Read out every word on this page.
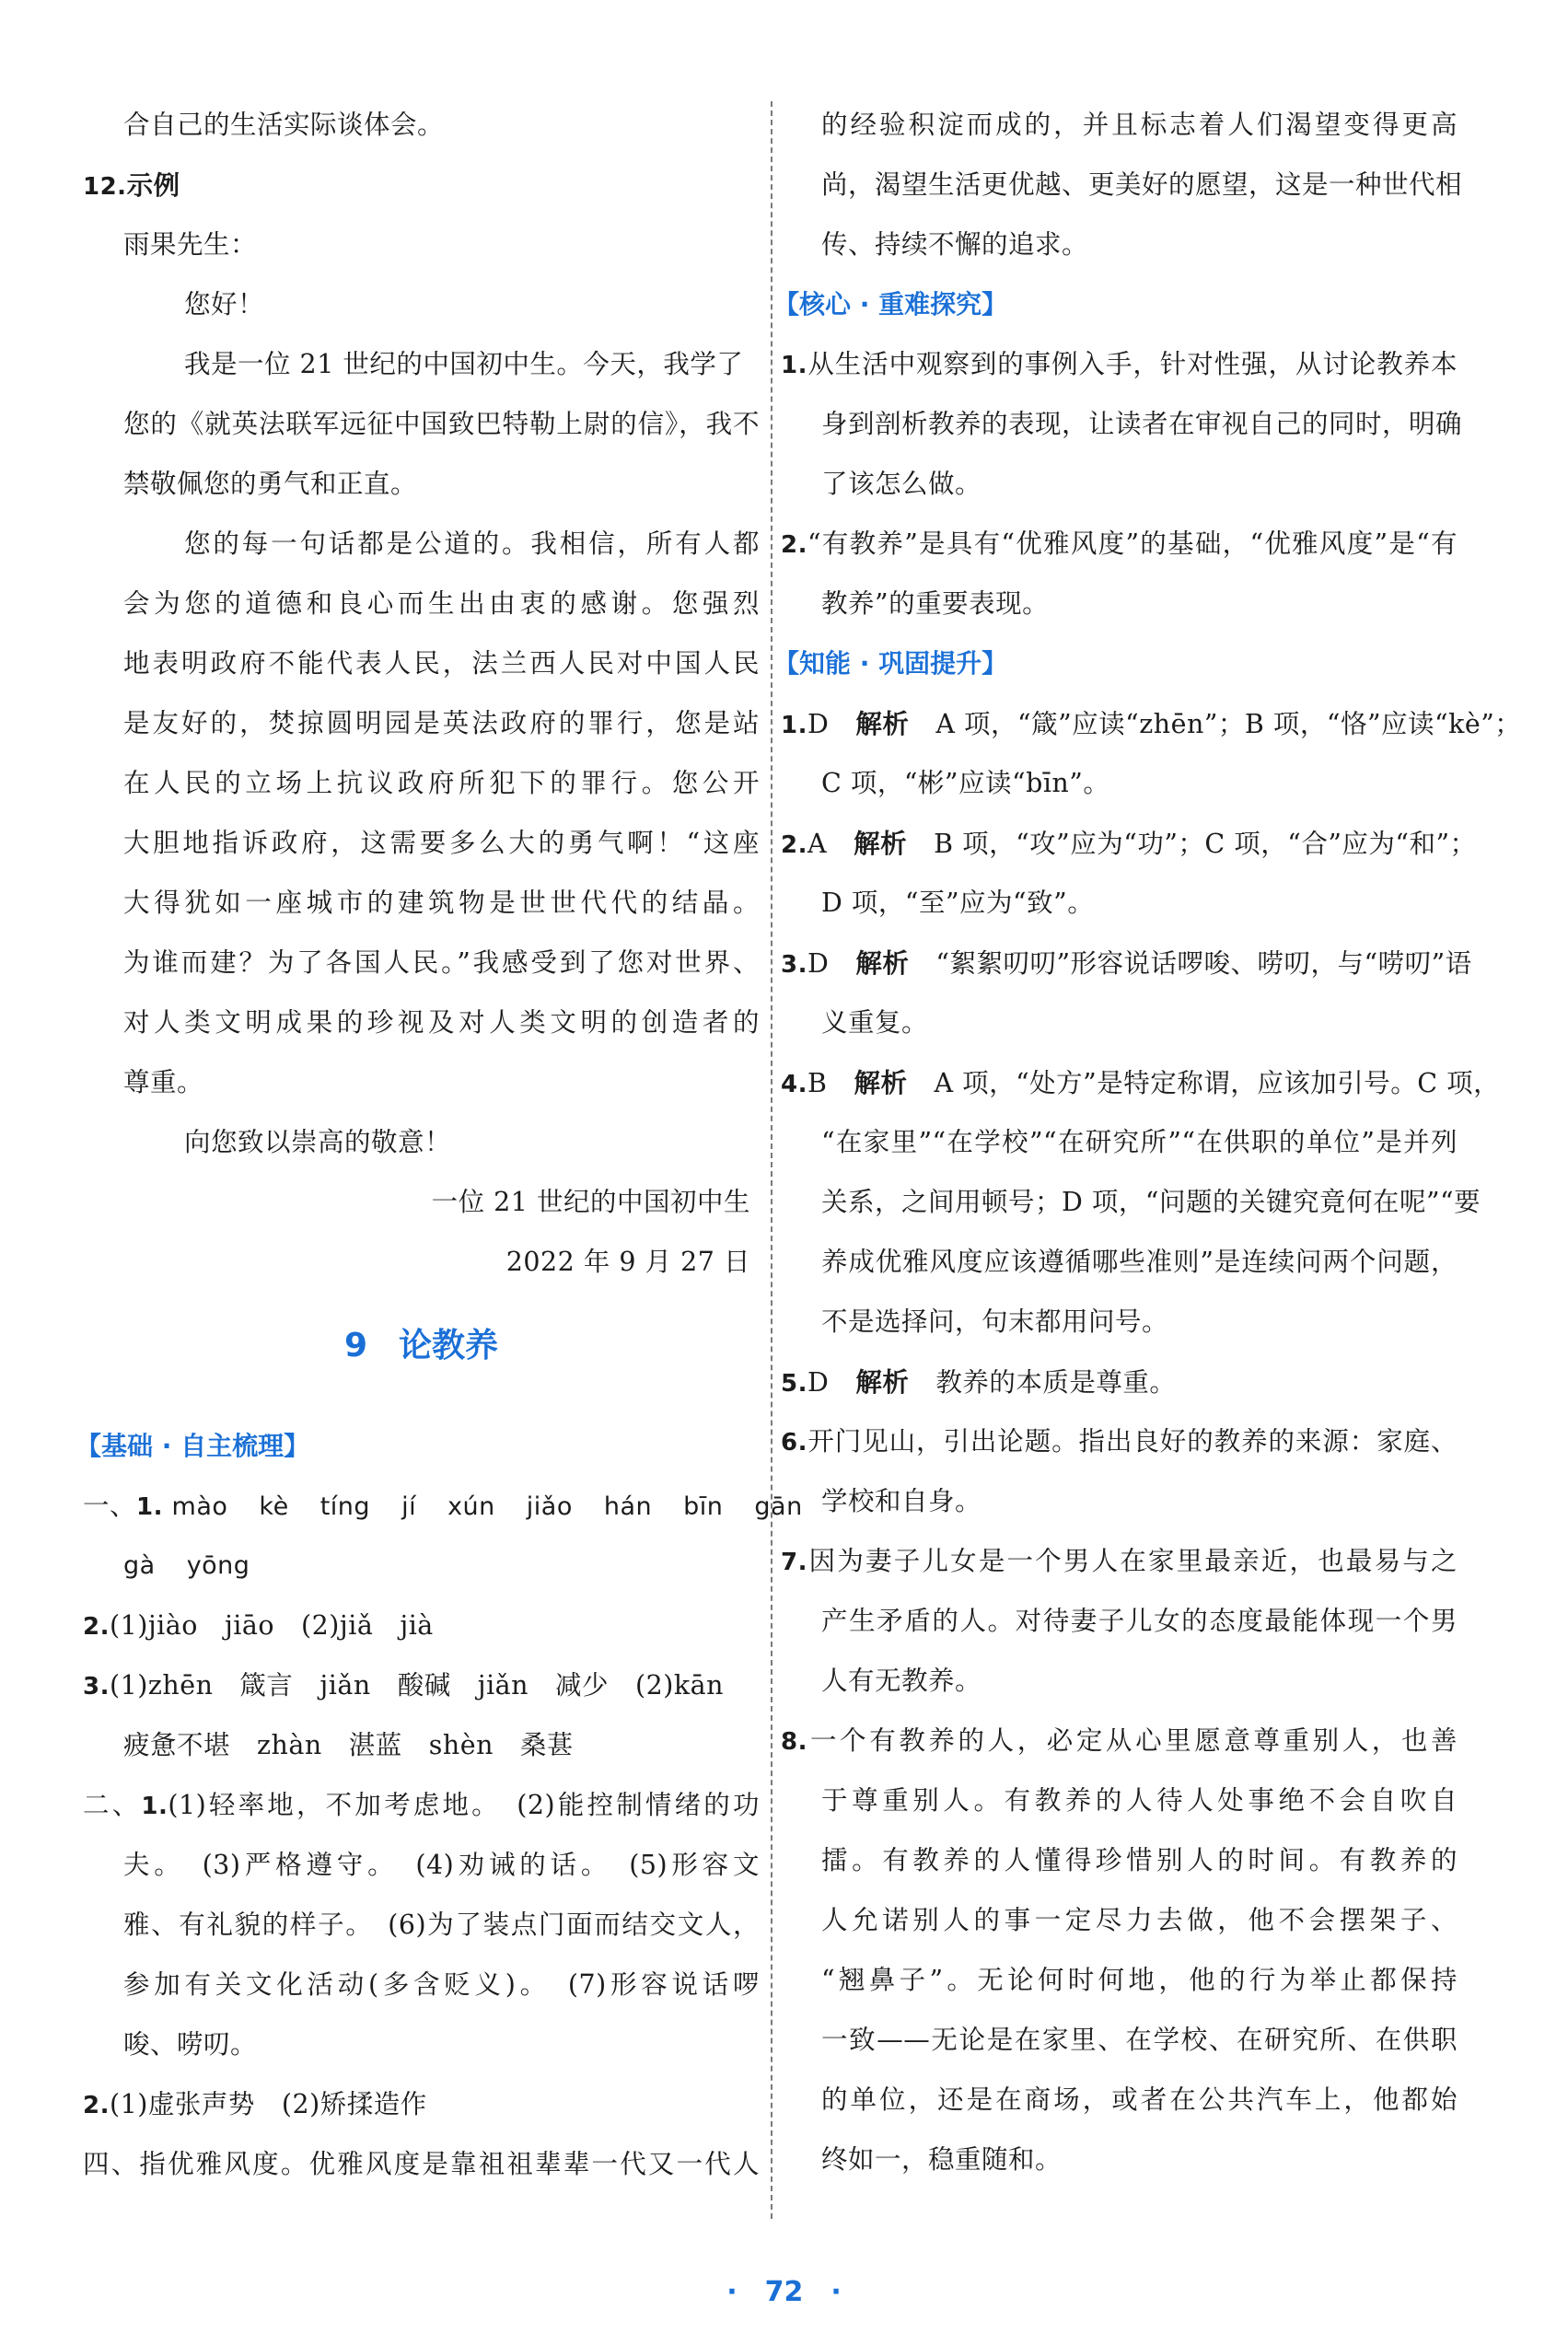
合自己的生活实际谈体会。
12.示例
雨果先生：
您好！
我是一位 21 世纪的中国初中生。今天，我学了
您的《就英法联军远征中国致巴特勒上尉的信》，我不
禁敬佩您的勇气和正直。
您的每一句话都是公道的。我相信，所有人都
会为您的道德和良心而生出由衷的感谢。您强烈
地表明政府不能代表人民，法兰西人民对中国人民
是友好的，焚掠圆明园是英法政府的罪行，您是站
在人民的立场上抗议政府所犯下的罪行。您公开
大胆地指诉政府，这需要多么大的勇气啊！“这座
大得犹如一座城市的建筑物是世世代代的结晶。
为谁而建？为了各国人民。”我感受到了您对世界、
对人类文明成果的珍视及对人类文明的创造者的
尊重。
向您致以崇高的敬意！
一位 21 世纪的中国初中生
2022 年 9 月 27 日
9 论教养
【基础 · 自主梳理】
一、1. mào kè tíng jí xún jiǎo hán bīn gān
gà yōng
2.(1)jiào　jiāo　(2)jiǎ　jià
3.(1)zhēn　箴言　jiǎn　酸碱　jiǎn　减少　(2)kān
疲惫不堪　zhàn　湛蓝　shèn　桑葚
二、1.(1)轻率地，不加考虑地。　(2)能控制情绪的功
夫。　(3)严格遵守。　(4)劝诫的话。　(5)形容文
雅、有礼貌的样子。　(6)为了装点门面而结交文人，
参加有关文化活动(多含贬义)。　(7)形容说话啰
唆、唠叨。
2.(1)虚张声势　(2)矫揉造作
四、指优雅风度。优雅风度是靠祖祖辈辈一代又一代人
的经验积淀而成的，并且标志着人们渴望变得更高
尚，渴望生活更优越、更美好的愿望，这是一种世代相
传、持续不懈的追求。
【核心 · 重难探究】
1.从生活中观察到的事例入手，针对性强，从讨论教养本
身到剖析教养的表现，让读者在审视自己的同时，明确
了该怎么做。
2.“有教养”是具有“优雅风度”的基础，“优雅风度”是“有
教养”的重要表现。
【知能 · 巩固提升】
1.D　 解析　 A 项，“箴”应读“zhēn”；B 项，“恪”应读“kè”；
C 项，“彬”应读“bīn”。
2.A　 解析　 B 项，“攻”应为“功”；C 项，“合”应为“和”；
D 项，“至”应为“致”。
3.D　 解析　 “絮絮叨叨”形容说话啰唆、唠叨，与“唠叨”语
义重复。
4.B　 解析　 A 项，“处方”是特定称谓，应该加引号。C 项，
“在家里”“在学校”“在研究所”“在供职的单位”是并列
关系，之间用顿号；D 项，“问题的关键究竟何在呢”“要
养成优雅风度应该遵循哪些准则”是连续问两个问题，
不是选择问，句末都用问号。
5.D　 解析　 教养的本质是尊重。
6.开门见山，引出论题。指出良好的教养的来源：家庭、
学校和自身。
7.因为妻子儿女是一个男人在家里最亲近，也最易与之
产生矛盾的人。对待妻子儿女的态度最能体现一个男
人有无教养。
8.一个有教养的人，必定从心里愿意尊重别人，也善
于尊重别人。有教养的人待人处事绝不会自吹自
擂。有教养的人懂得珍惜别人的时间。有教养的
人允诺别人的事一定尽力去做，他不会摆架子、
“翘鼻子”。无论何时何地，他的行为举止都保持
一致——无论是在家里、在学校、在研究所、在供职
的单位，还是在商场，或者在公共汽车上，他都始
终如一，稳重随和。
· 72 ·
